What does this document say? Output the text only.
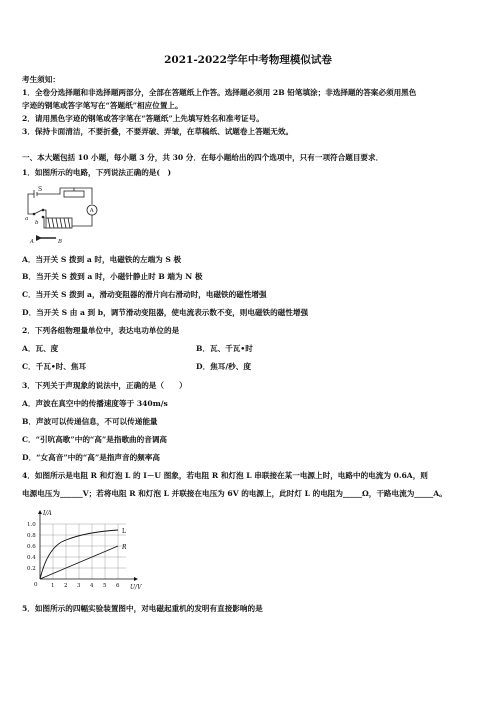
2021-2022学年中考物理模似试卷
考生须知：
1．全卷分选择题和非选择题两部分，全部在答题纸上作答。选择题必须用 2B 铅笔填涂；非选择题的答案必须用黑色
字迹的钢笔或答字笔写在“答题纸”相应位置上。
2．请用黑色字迹的钢笔或答字笔在“答题纸”上先填写姓名和准考证号。
3．保持卡面清洁，不要折叠，不要弄破、弄皱，在草稿纸、试题卷上答题无效。
一、本大题包括 10 小题，每小题 3 分，共 30 分．在每小题给出的四个选项中，只有一项符合题目要求．
1．如图所示的电路，下列说法正确的是(　)
S
A
a
b
A	B
A．当开关 S 拨到 a 时，电磁铁的左端为 S 极
B．当开关 S 拨到 a 时，小磁针静止时 B 端为 N 极
C．当开关 S 拨到 a，滑动变阻器的滑片向右滑动时，电磁铁的磁性增强
D．当开关 S 由 a 到 b，调节滑动变阻器，使电流表示数不变，则电磁铁的磁性增强
2．下列各组物理量单位中，表达电功单位的是
A．瓦、度	B．瓦、千瓦•时
C．千瓦•时、焦耳	D．焦耳/秒、度
3．下列关于声现象的说法中，正确的是（　　）
A．声波在真空中的传播速度等于 340m/s
B．声波可以传递信息，不可以传递能量
C．“引吭高歌”中的“高”是指歌曲的音调高
D．“女高音”中的“高”是指声音的频率高
4．如图所示是电阻 R 和灯泡 L 的 I－U 图象，若电阻 R 和灯泡 L 串联接在某一电源上时，电路中的电流为 0.6A，则
电源电压为______V；若将电阻 R 和灯泡 L 并联接在电压为 6V 的电源上，此时灯 L 的电阻为_____Ω，干路电流为_____A。
I/A
U/V
1.0
0.8
0.6
0.4
0.2
0 1 2 3 4 5 6
L
R
5．如图所示的四幅实验装置图中，对电磁起重机的发明有直接影响的是
